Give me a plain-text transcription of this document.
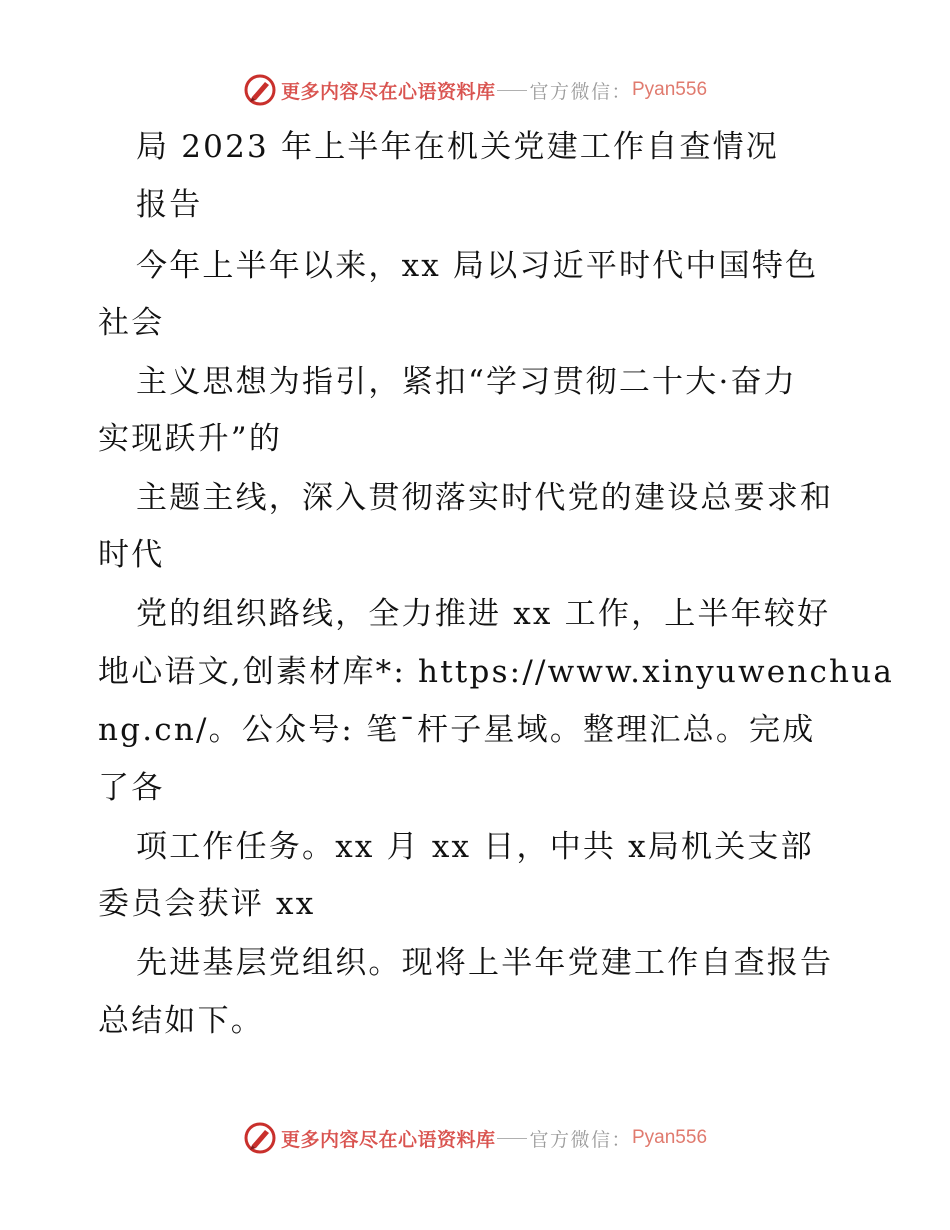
更多内容尽在心语资料库 官方微信： Pyan556
局 2023 年上半年在机关党建工作自查情况
报告
今年上半年以来，xx 局以习近平时代中国特色
社会
主义思想为指引，紧扣“学习贯彻二十大·奋力
实现跃升”的
主题主线，深入贯彻落实时代党的建设总要求和
时代
党的组织路线，全力推进 xx 工作，上半年较好
地心语文,创素材库*: https://www.xinyuwenchua
ng.cn/。公众号: 笔¯杆子星域。整理汇总。完成
了各
项工作任务。xx 月 xx 日，中共 x局机关支部
委员会获评 xx
先进基层党组织。现将上半年党建工作自查报告
总结如下。
更多内容尽在心语资料库 官方微信： Pyan556
